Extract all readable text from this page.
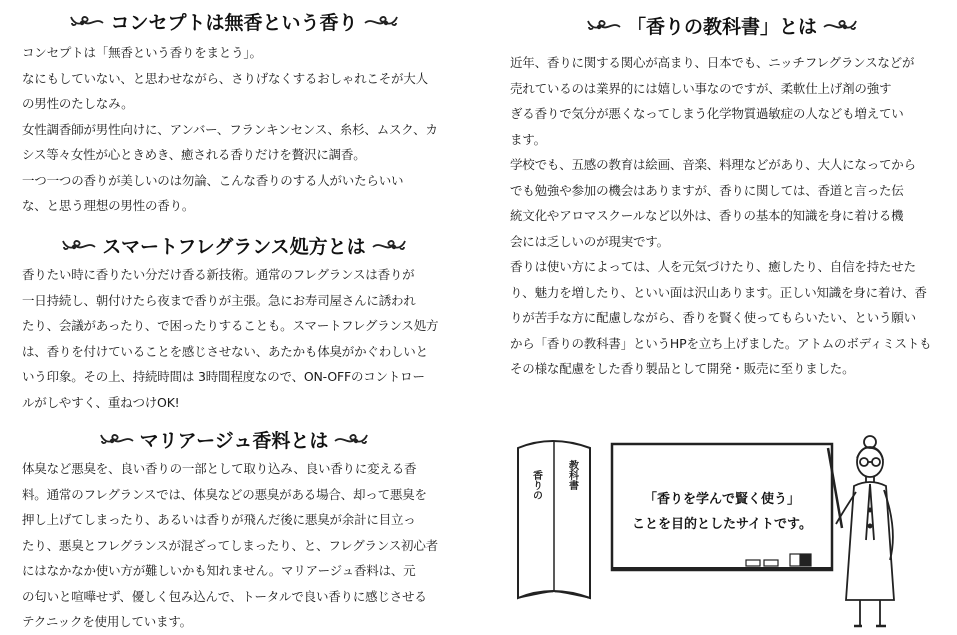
コンセプトは無香という香り
コンセプトは「無香という香りをまとう」。
なにもしていない、と思わせながら、さりげなくするおしゃれこそが大人
の男性のたしなみ。
女性調香師が男性向けに、アンバー、フランキンセンス、糸杉、ムスク、カ
シス等々女性が心ときめき、癒される香りだけを贅沢に調香。
一つ一つの香りが美しいのは勿論、こんな香りのする人がいたらいい
な、と思う理想の男性の香り。
スマートフレグランス処方とは
香りたい時に香りたい分だけ香る新技術。通常のフレグランスは香りが
一日持続し、朝付けたら夜まで香りが主張。急にお寿司屋さんに誘われ
たり、会議があったり、で困ったりすることも。スマートフレグランス処方
は、香りを付けていることを感じさせない、あたかも体臭がかぐわしいと
いう印象。その上、持続時間は 3時間程度なので、ON-OFFのコントロー
ルがしやすく、重ねつけOK!
マリアージュ香料とは
体臭など悪臭を、良い香りの一部として取り込み、良い香りに変える香
料。通常のフレグランスでは、体臭などの悪臭がある場合、却って悪臭を
押し上げてしまったり、あるいは香りが飛んだ後に悪臭が余計に目立っ
たり、悪臭とフレグランスが混ざってしまったり、と、フレグランス初心者
にはなかなか使い方が難しいかも知れません。マリアージュ香料は、元
の匂いと喧嘩せず、優しく包み込んで、トータルで良い香りに感じさせる
テクニックを使用しています。
「香りの教科書」とは
近年、香りに関する関心が高まり、日本でも、ニッチフレグランスなどが
売れているのは業界的には嬉しい事なのですが、柔軟仕上げ剤の強す
ぎる香りで気分が悪くなってしまう化学物質過敏症の人なども増えてい
ます。
学校でも、五感の教育は絵画、音楽、料理などがあり、大人になってから
でも勉強や参加の機会はありますが、香りに関しては、香道と言った伝
統文化やアロマスクールなど以外は、香りの基本的知識を身に着ける機
会には乏しいのが現実です。
香りは使い方によっては、人を元気づけたり、癒したり、自信を持たせた
り、魅力を増したり、といい面は沢山あります。正しい知識を身に着け、香
りが苦手な方に配慮しながら、香りを賢く使ってもらいたい、という願い
から「香りの教科書」というHPを立ち上げました。アトムのボディミストも
その様な配慮をした香り製品として開発・販売に至りました。
香りの	教科書
「香りを学んで賢く使う」
ことを目的としたサイトです。
